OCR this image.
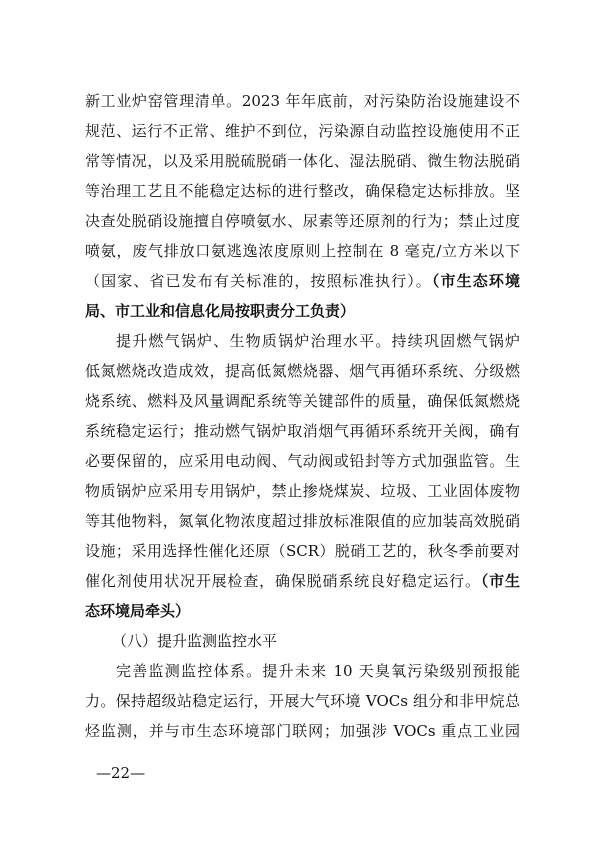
新工业炉窑管理清单。2023 年年底前，对污染防治设施建设不
规范、运行不正常、维护不到位，污染源自动监控设施使用不正
常等情况，以及采用脱硫脱硝一体化、湿法脱硝、微生物法脱硝
等治理工艺且不能稳定达标的进行整改，确保稳定达标排放。坚
决查处脱硝设施擅自停喷氨水、尿素等还原剂的行为；禁止过度
喷氨，废气排放口氨逃逸浓度原则上控制在 8 毫克/立方米以下
（国家、省已发布有关标准的，按照标准执行）。（市生态环境
局、市工业和信息化局按职责分工负责）
提升燃气锅炉、生物质锅炉治理水平。持续巩固燃气锅炉
低氮燃烧改造成效，提高低氮燃烧器、烟气再循环系统、分级燃
烧系统、燃料及风量调配系统等关键部件的质量，确保低氮燃烧
系统稳定运行；推动燃气锅炉取消烟气再循环系统开关阀，确有
必要保留的，应采用电动阀、气动阀或铅封等方式加强监管。生
物质锅炉应采用专用锅炉，禁止掺烧煤炭、垃圾、工业固体废物
等其他物料，氮氧化物浓度超过排放标准限值的应加装高效脱硝
设施；采用选择性催化还原（SCR）脱硝工艺的，秋冬季前要对
催化剂使用状况开展检查，确保脱硝系统良好稳定运行。（市生
态环境局牵头）
（八）提升监测监控水平
完善监测监控体系。提升未来 10 天臭氧污染级别预报能
力。保持超级站稳定运行，开展大气环境 VOCs 组分和非甲烷总
烃监测，并与市生态环境部门联网；加强涉 VOCs 重点工业园
—22—
